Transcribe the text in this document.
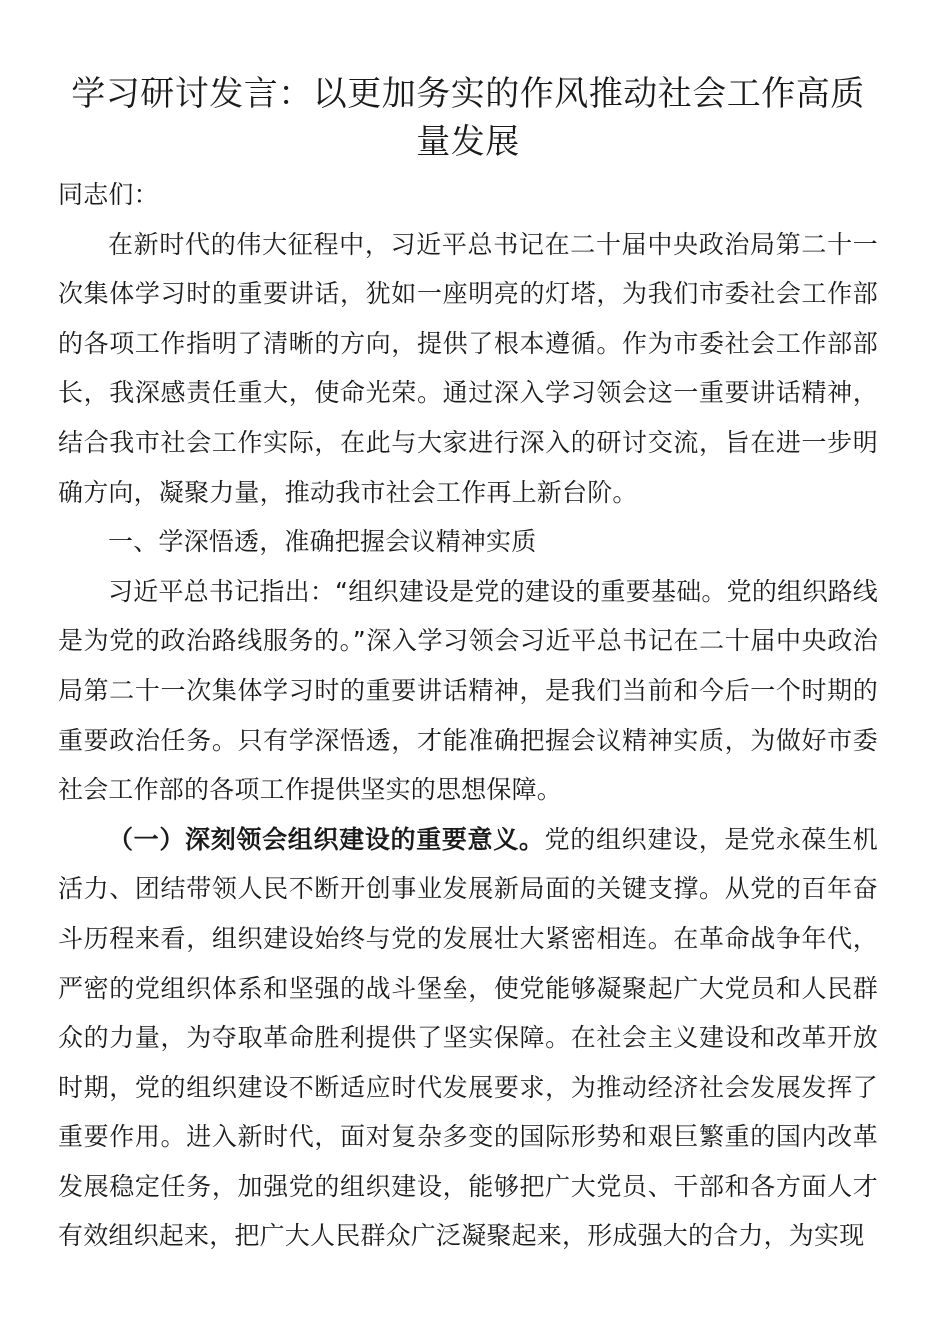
学习研讨发言：以更加务实的作风推动社会工作高质量发展

同志们：

在新时代的伟大征程中，习近平总书记在二十届中央政治局第二十一次集体学习时的重要讲话，犹如一座明亮的灯塔，为我们市委社会工作部的各项工作指明了清晰的方向，提供了根本遵循。作为市委社会工作部部长，我深感责任重大，使命光荣。通过深入学习领会这一重要讲话精神，结合我市社会工作实际，在此与大家进行深入的研讨交流，旨在进一步明确方向，凝聚力量，推动我市社会工作再上新台阶。

一、学深悟透，准确把握会议精神实质

习近平总书记指出：“组织建设是党的建设的重要基础。党的组织路线是为党的政治路线服务的。”深入学习领会习近平总书记在二十届中央政治局第二十一次集体学习时的重要讲话精神，是我们当前和今后一个时期的重要政治任务。只有学深悟透，才能准确把握会议精神实质，为做好市委社会工作部的各项工作提供坚实的思想保障。

（一）深刻领会组织建设的重要意义。党的组织建设，是党永葆生机活力、团结带领人民不断开创事业发展新局面的关键支撑。从党的百年奋斗历程来看，组织建设始终与党的发展壮大紧密相连。在革命战争年代，严密的党组织体系和坚强的战斗堡垒，使党能够凝聚起广大党员和人民群众的力量，为夺取革命胜利提供了坚实保障。在社会主义建设和改革开放时期，党的组织建设不断适应时代发展要求，为推动经济社会发展发挥了重要作用。进入新时代，面对复杂多变的国际形势和艰巨繁重的国内改革发展稳定任务，加强党的组织建设，能够把广大党员、干部和各方面人才有效组织起来，把广大人民群众广泛凝聚起来，形成强大的合力，为实现
